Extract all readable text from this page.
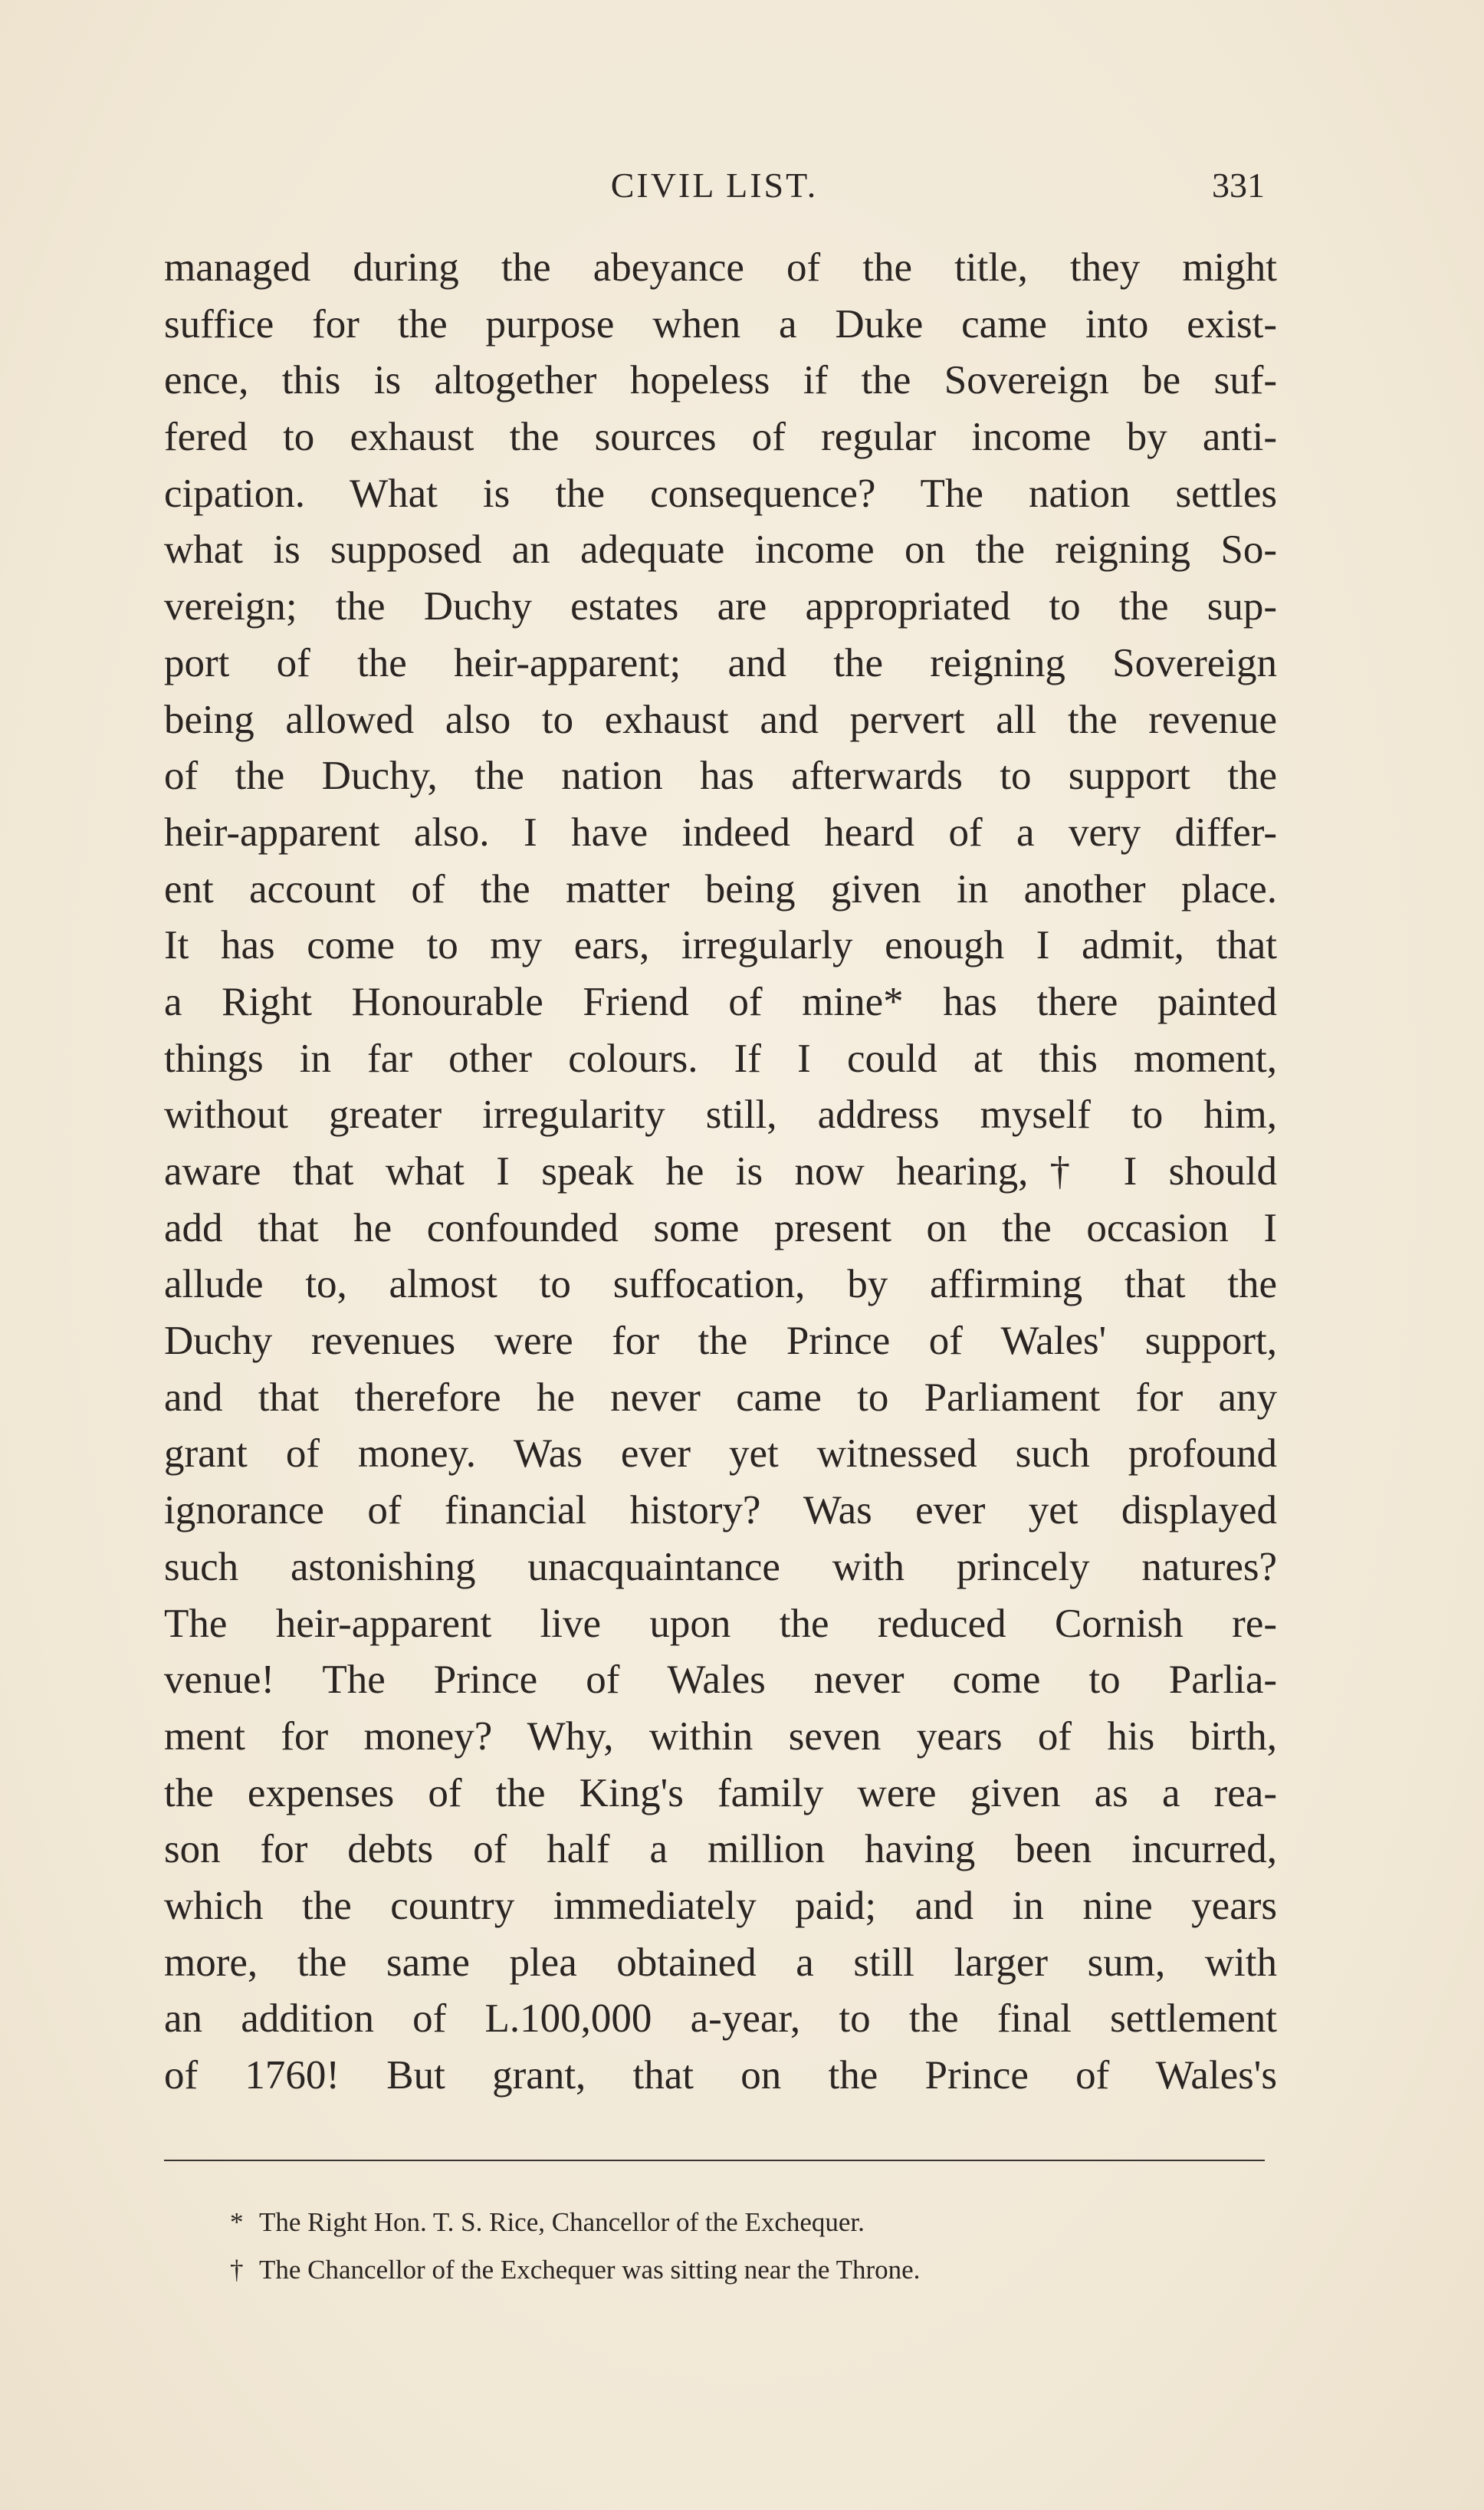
CIVIL LIST.	331
managed during the abeyance of the title, they might
suffice for the purpose when a Duke came into exist-
ence, this is altogether hopeless if the Sovereign be suf-
fered to exhaust the sources of regular income by anti-
cipation. What is the consequence? The nation settles
what is supposed an adequate income on the reigning So-
vereign; the Duchy estates are appropriated to the sup-
port of the heir-apparent; and the reigning Sovereign
being allowed also to exhaust and pervert all the revenue
of the Duchy, the nation has afterwards to support the
heir-apparent also. I have indeed heard of a very differ-
ent account of the matter being given in another place.
It has come to my ears, irregularly enough I admit, that
a Right Honourable Friend of mine* has there painted
things in far other colours. If I could at this moment,
without greater irregularity still, address myself to him,
aware that what I speak he is now hearing,† I should
add that he confounded some present on the occasion I
allude to, almost to suffocation, by affirming that the
Duchy revenues were for the Prince of Wales' support,
and that therefore he never came to Parliament for any
grant of money. Was ever yet witnessed such profound
ignorance of financial history? Was ever yet displayed
such astonishing unacquaintance with princely natures?
The heir-apparent live upon the reduced Cornish re-
venue! The Prince of Wales never come to Parlia-
ment for money? Why, within seven years of his birth,
the expenses of the King's family were given as a rea-
son for debts of half a million having been incurred,
which the country immediately paid; and in nine years
more, the same plea obtained a still larger sum, with
an addition of L.100,000 a-year, to the final settlement
of 1760! But grant, that on the Prince of Wales's
* The Right Hon. T. S. Rice, Chancellor of the Exchequer.
† The Chancellor of the Exchequer was sitting near the Throne.
